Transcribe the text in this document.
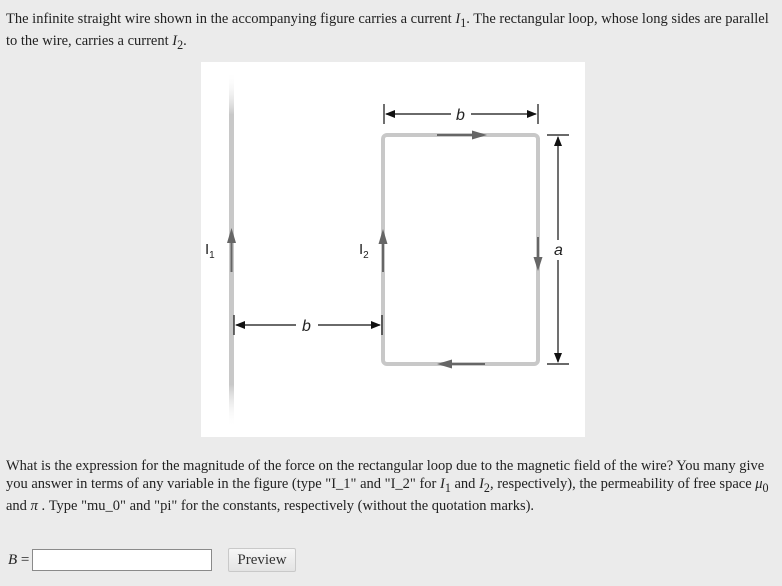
The infinite straight wire shown in the accompanying figure carries a current $I_1$. The rectangular loop, whose long sides are parallel to the wire, carries a current $I_2$.

$I_1$	$I_2$
b
a
b

What is the expression for the magnitude of the force on the rectangular loop due to the magnetic field of the wire? You many give you answer in terms of any variable in the figure (type "I_1" and "I_2" for $I_1$ and $I_2$, respectively), the permeability of free space $\mu_0$ and π . Type "mu_0" and "pi" for the constants, respectively (without the quotation marks).

B =	Preview
